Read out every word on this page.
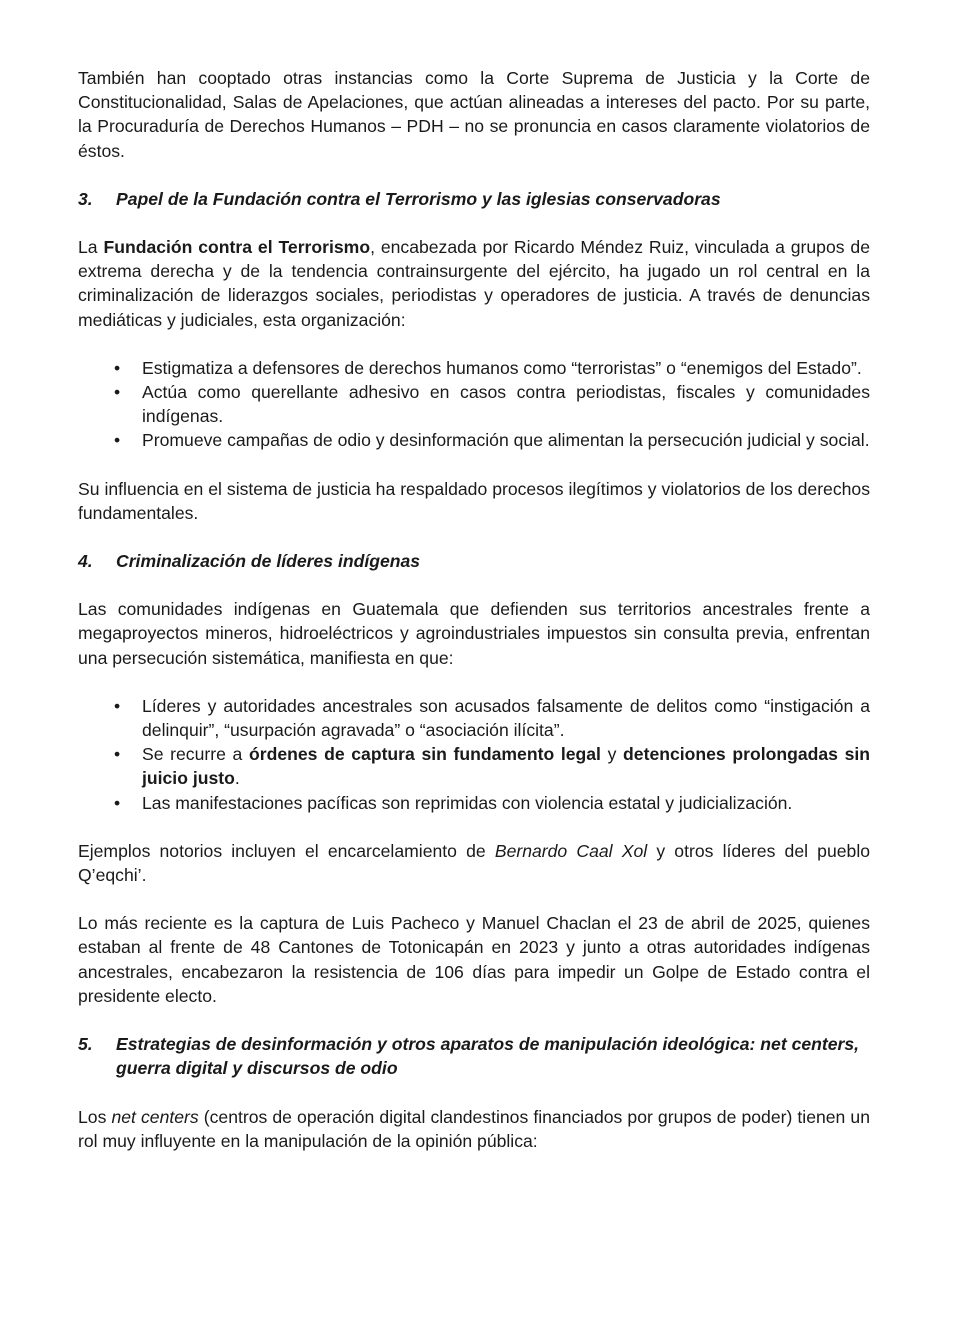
También han cooptado otras instancias como la Corte Suprema de Justicia y la Corte de Constitucionalidad, Salas de Apelaciones, que actúan alineadas a intereses del pacto. Por su parte, la Procuraduría de Derechos Humanos – PDH – no se pronuncia en casos claramente violatorios de éstos.

3.	Papel de la Fundación contra el Terrorismo y las iglesias conservadoras

La Fundación contra el Terrorismo, encabezada por Ricardo Méndez Ruiz, vinculada a grupos de extrema derecha y de la tendencia contrainsurgente del ejército, ha jugado un rol central en la criminalización de liderazgos sociales, periodistas y operadores de justicia. A través de denuncias mediáticas y judiciales, esta organización:

• Estigmatiza a defensores de derechos humanos como “terroristas” o “enemigos del Estado”.
• Actúa como querellante adhesivo en casos contra periodistas, fiscales y comunidades indígenas.
• Promueve campañas de odio y desinformación que alimentan la persecución judicial y social.

Su influencia en el sistema de justicia ha respaldado procesos ilegítimos y violatorios de los derechos fundamentales.

4.	Criminalización de líderes indígenas

Las comunidades indígenas en Guatemala que defienden sus territorios ancestrales frente a megaproyectos mineros, hidroeléctricos y agroindustriales impuestos sin consulta previa, enfrentan una persecución sistemática, manifiesta en que:

• Líderes y autoridades ancestrales son acusados falsamente de delitos como “instigación a delinquir”, “usurpación agravada” o “asociación ilícita”.
• Se recurre a órdenes de captura sin fundamento legal y detenciones prolongadas sin juicio justo.
• Las manifestaciones pacíficas son reprimidas con violencia estatal y judicialización.

Ejemplos notorios incluyen el encarcelamiento de Bernardo Caal Xol y otros líderes del pueblo Q’eqchi’.

Lo más reciente es la captura de Luis Pacheco y Manuel Chaclan el 23 de abril de 2025, quienes estaban al frente de 48 Cantones de Totonicapán en 2023 y junto a otras autoridades indígenas ancestrales, encabezaron la resistencia de 106 días para impedir un Golpe de Estado contra el presidente electo.

5.	Estrategias de desinformación y otros aparatos de manipulación ideológica: net centers, guerra digital y discursos de odio

Los net centers (centros de operación digital clandestinos financiados por grupos de poder) tienen un rol muy influyente en la manipulación de la opinión pública:
